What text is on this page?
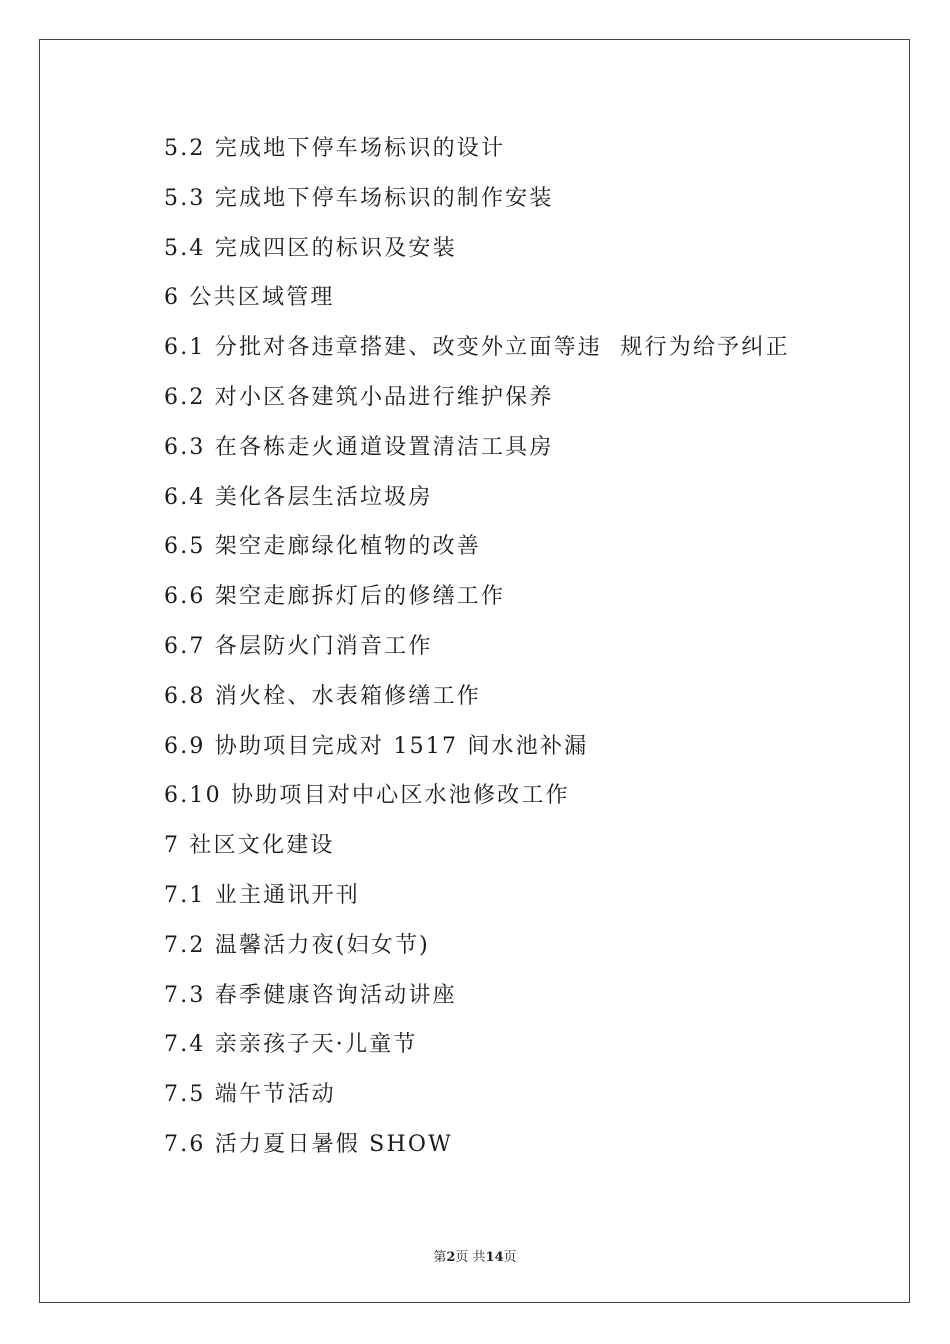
5.2 完成地下停车场标识的设计
5.3 完成地下停车场标识的制作安装
5.4 完成四区的标识及安装
6 公共区域管理
6.1 分批对各违章搭建、改变外立面等违  规行为给予纠正
6.2 对小区各建筑小品进行维护保养
6.3 在各栋走火通道设置清洁工具房
6.4 美化各层生活垃圾房
6.5 架空走廊绿化植物的改善
6.6 架空走廊拆灯后的修缮工作
6.7 各层防火门消音工作
6.8 消火栓、水表箱修缮工作
6.9 协助项目完成对 1517 间水池补漏
6.10 协助项目对中心区水池修改工作
7 社区文化建设
7.1 业主通讯开刊
7.2 温馨活力夜(妇女节)
7.3 春季健康咨询活动讲座
7.4 亲亲孩子天·儿童节
7.5 端午节活动
7.6 活力夏日暑假 SHOW
第2页 共14页
